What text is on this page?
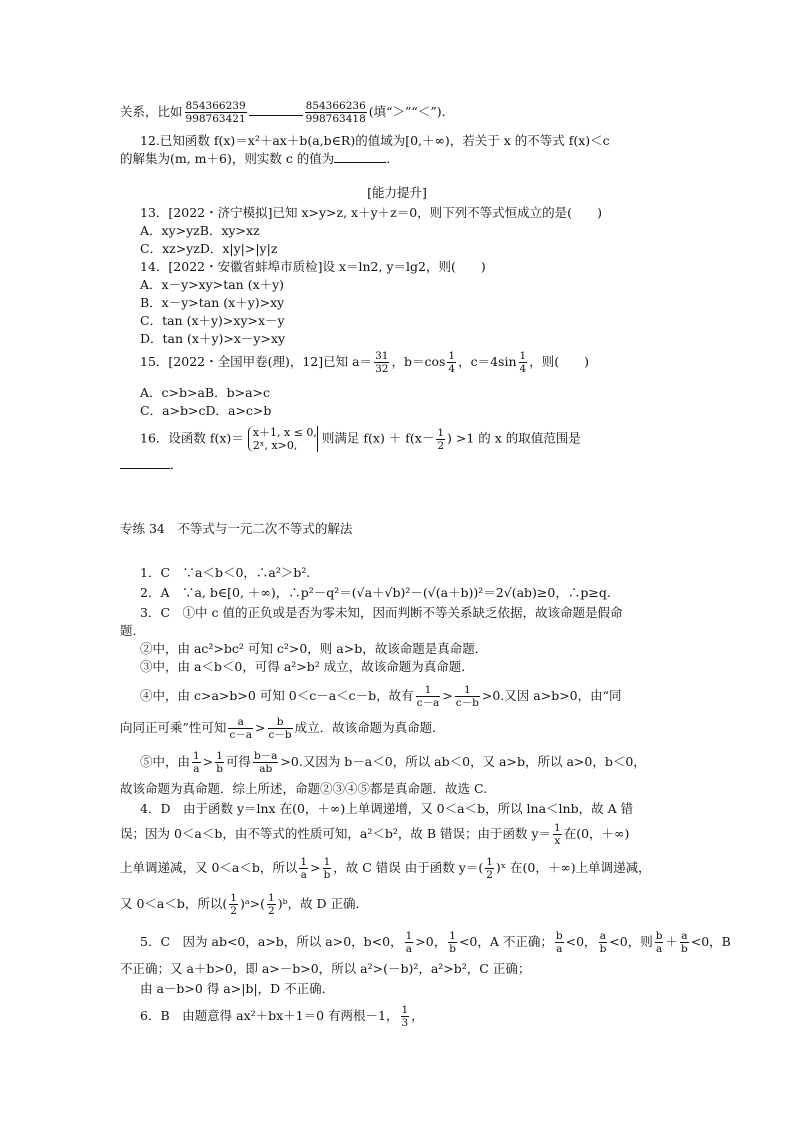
关系，比如 $\frac{854366239}{998763421}$	$\frac{854366236}{998763418}$ (填“＞”“＜”)．
12.已知函数 f(x)＝x²＋ax＋b(a,b∈R)的值域为[0,＋∞)，若关于 x 的不等式 f(x)＜c
的解集为(m, m＋6)，则实数 c 的值为	．
[能力提升]
13．[2022・济宁模拟]已知 x>y>z, x＋y＋z＝0，则下列不等式恒成立的是(　　)
A．xy>yzB．xy>xz
C．xz>yzD．x|y|>|y|z
14．[2022・安徽省蚌埠市质检]设 x＝ln2, y＝lg2，则(　　)
A．x－y>xy>tan (x＋y)
B．x－y>tan (x＋y)>xy
C．tan (x＋y)>xy>x－y
D．tan (x＋y)>x－y>xy
15．[2022・全国甲卷(理)，12]已知 $a= \frac{31}{32}$ ，$b=\cos \frac{1}{4}$ ，$c=4\sin \frac{1}{4}$ ，则(　　)
A．c>b>aB．b>a>c
C．a>b>cD．a>c>b
16．设函数 f(x)＝ x＋1, x ≤ 0,
2ˣ, x>0,	则满足 $f(x) + f(x- \frac{1}{2}$ ) >1 的 x 的取值范围是
．
专练 34　不等式与一元二次不等式的解法
1．C　∵a＜b＜0，∴a²＞b².
2．A　∵a, b∈[0, ＋∞)，∴p²－q²＝(√a＋√b)²－(√(a＋b))²＝2√(ab)≥0，∴p≥q.
3．C　①中 c 值的正负或是否为零未知，因而判断不等关系缺乏依据，故该命题是假命
题．
②中，由 ac²>bc² 可知 c²>0，则 a>b，故该命题是真命题．
③中，由 a＜b＜0，可得 a²>b² 成立，故该命题为真命题．
④中，由 c>a>b>0 可知 0＜c－a＜c－b，故有 $\frac{1}{c-a} > \frac{1}{c-b} >0$.又因 a>b>0，由“同
向同正可乘”性可知 $\frac{a}{c-a} > \frac{b}{c-b}$ 成立．故该命题为真命题．
⑤中，由 $\frac{1}{a} > \frac{1}{b}$ 可得 $\frac{b-a}{ab} >0$.又因为 b－a＜0，所以 ab＜0，又 a>b，所以 a>0，b＜0，
故该命题为真命题．综上所述，命题②③④⑤都是真命题．故选 C.
4．D　由于函数 y＝lnx 在(0，＋∞)上单调递增，又 0＜a＜b，所以 lna＜lnb，故 A 错
误；因为 0＜a＜b，由不等式的性质可知，a²＜b²，故 B 错误；由于函数 $y= \frac{1}{x}$ 在(0，＋∞)
上单调递减，又 0＜a＜b，所以 $\frac{1}{a} > \frac{1}{b}$ ，故 C 错误 由于函数 $y=( \frac{1}{2}$ )ˣ 在(0，＋∞)上单调递减，
又 0＜a＜b，所以( $\frac{1}{2}$ )ᵃ>( $\frac{1}{2}$ )ᵇ，故 D 正确．
5．C　因为 ab<0，a>b，所以 a>0，b<0， $\frac{1}{a} >0$， $\frac{1}{b} <0$，A 不正确； $\frac{b}{a} <0$， $\frac{a}{b} <0$，则 $\frac{b}{a} + \frac{a}{b} <0$，B
不正确；又 a＋b>0，即 a>－b>0，所以 a²>(－b)²，a²>b²，C 正确；
由 a－b>0 得 a>|b|，D 不正确．
6．B　由题意得 ax²＋bx＋1＝0 有两根－1， $\frac{1}{3}$ ，
